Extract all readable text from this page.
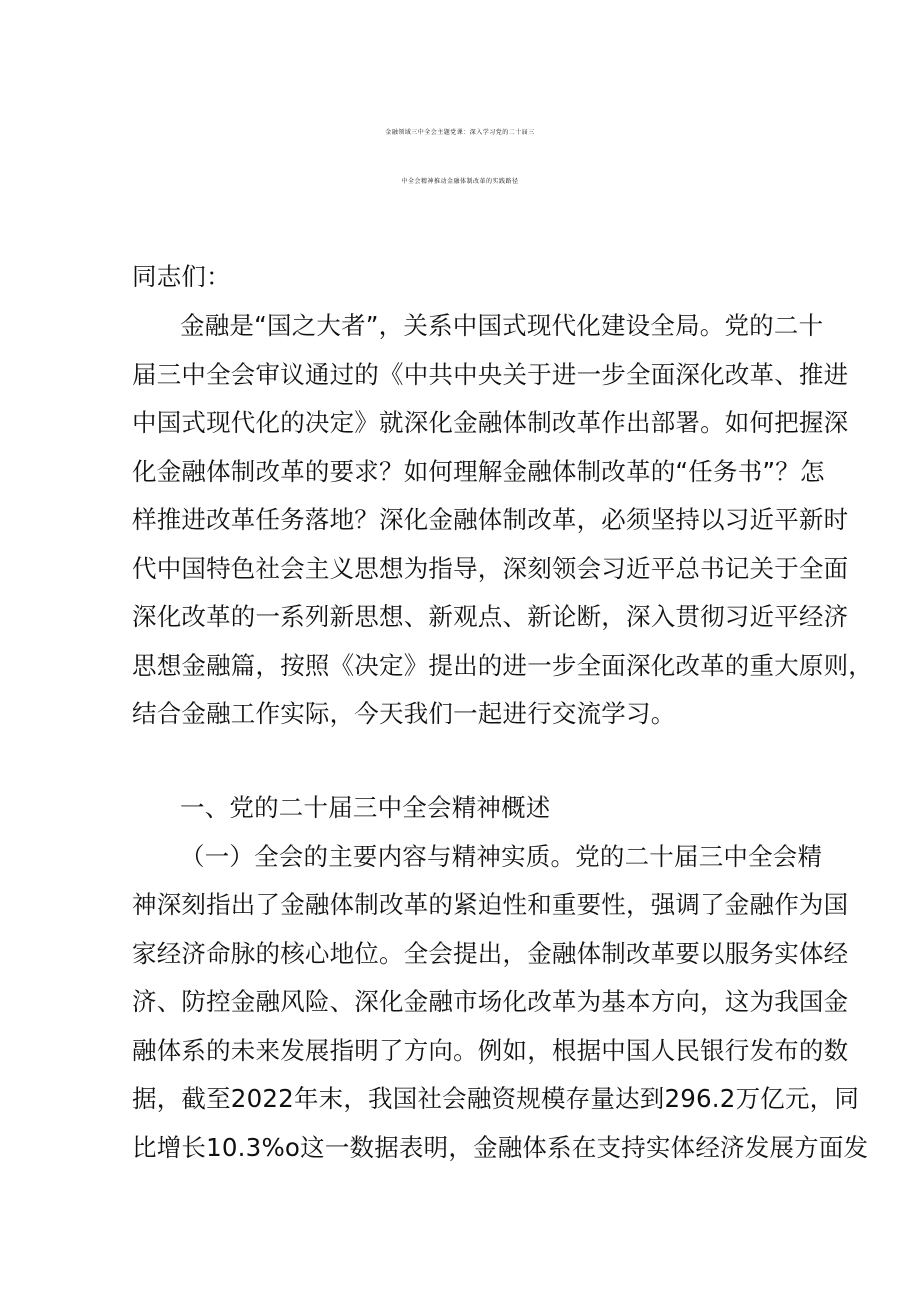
金融领域三中全会主题党课：深入学习党的二十届三
中全会精神推动金融体制改革的实践路径
同志们：
金融是“国之大者”，关系中国式现代化建设全局。党的二十
届三中全会审议通过的《中共中央关于进一步全面深化改革、推进
中国式现代化的决定》就深化金融体制改革作出部署。如何把握深
化金融体制改革的要求？如何理解金融体制改革的“任务书”？怎
样推进改革任务落地？深化金融体制改革，必须坚持以习近平新时
代中国特色社会主义思想为指导，深刻领会习近平总书记关于全面
深化改革的一系列新思想、新观点、新论断，深入贯彻习近平经济
思想金融篇，按照《决定》提出的进一步全面深化改革的重大原则，
结合金融工作实际，今天我们一起进行交流学习。
一、党的二十届三中全会精神概述
（一）全会的主要内容与精神实质。党的二十届三中全会精
神深刻指出了金融体制改革的紧迫性和重要性，强调了金融作为国
家经济命脉的核心地位。全会提出，金融体制改革要以服务实体经
济、防控金融风险、深化金融市场化改革为基本方向，这为我国金
融体系的未来发展指明了方向。例如，根据中国人民银行发布的数
据，截至2022年末，我国社会融资规模存量达到296.2万亿元，同
比增长10.3%o这一数据表明，金融体系在支持实体经济发展方面发
